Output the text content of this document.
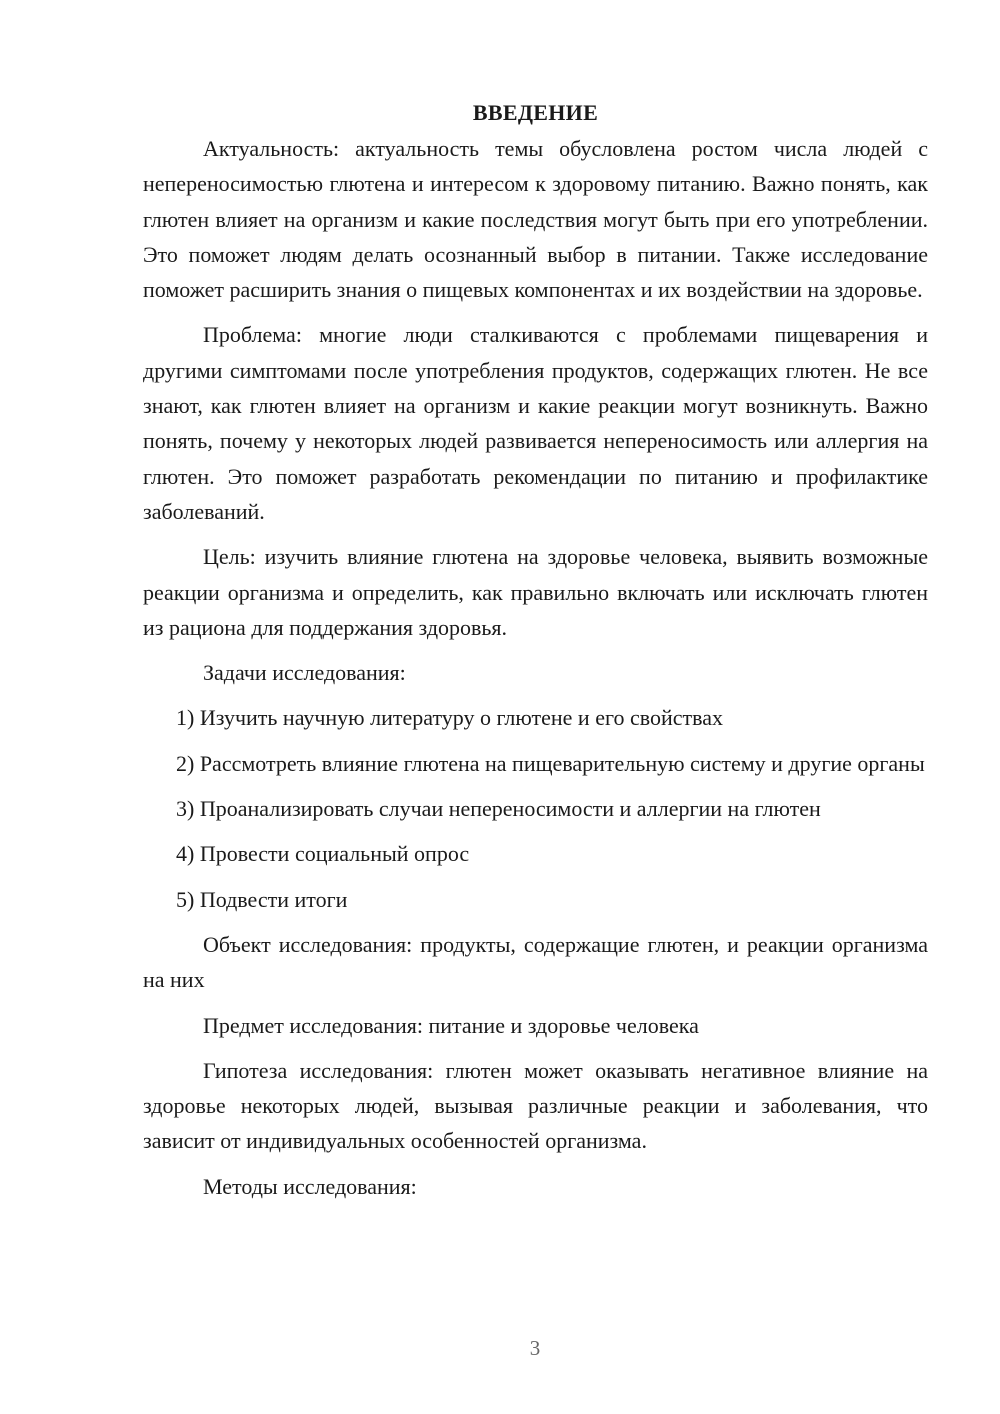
ВВЕДЕНИЕ

Актуальность: актуальность темы обусловлена ростом числа людей с непереносимостью глютена и интересом к здоровому питанию. Важно понять, как глютен влияет на организм и какие последствия могут быть при его употреблении. Это поможет людям делать осознанный выбор в питании. Также исследование поможет расширить знания о пищевых компонентах и их воздействии на здоровье.

Проблема: многие люди сталкиваются с проблемами пищеварения и другими симптомами после употребления продуктов, содержащих глютен. Не все знают, как глютен влияет на организм и какие реакции могут возникнуть. Важно понять, почему у некоторых людей развивается непереносимость или аллергия на глютен. Это поможет разработать рекомендации по питанию и профилактике заболеваний.

Цель: изучить влияние глютена на здоровье человека, выявить возможные реакции организма и определить, как правильно включать или исключать глютен из рациона для поддержания здоровья.

Задачи исследования:

1) Изучить научную литературу о глютене и его свойствах

2) Рассмотреть влияние глютена на пищеварительную систему и другие органы

3) Проанализировать случаи непереносимости и аллергии на глютен

4) Провести социальный опрос

5) Подвести итоги

Объект исследования: продукты, содержащие глютен, и реакции организма на них

Предмет исследования: питание и здоровье человека

Гипотеза исследования: глютен может оказывать негативное влияние на здоровье некоторых людей, вызывая различные реакции и заболевания, что зависит от индивидуальных особенностей организма.

Методы исследования:

3
